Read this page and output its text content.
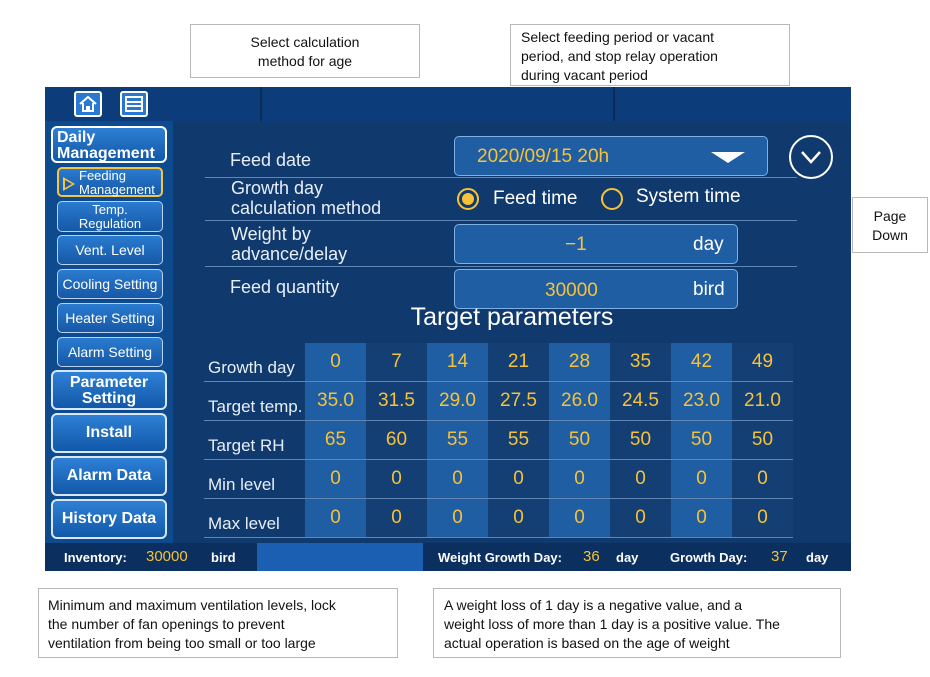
Select calculation
method for age
Select feeding period or vacant
period, and stop relay operation
during vacant period
Page
Down
Minimum and maximum ventilation levels, lock
the number of fan openings to prevent
ventilation from being too small or too large
A weight loss of 1 day is a negative value, and a
weight loss of more than 1 day is a positive value. The
actual operation is based on the age of weight
Daily
Management
Feeding
Management
Temp.
Regulation
Vent. Level
Cooling Setting
Heater Setting
Alarm Setting
Parameter
Setting
Install
Alarm Data
History Data
Feed date	2020/09/15 20h
Growth day
calculation method	Feed time	System time
Weight by
advance/delay	−1	day
Feed quantity	30000	bird
Target parameters
Growth day	0	7	14	21	28	35	42	49
Target temp.	35.0	31.5	29.0	27.5	26.0	24.5	23.0	21.0
Target RH	65	60	55	55	50	50	50	50
Min level	0	0	0	0	0	0	0	0
Max level	0	0	0	0	0	0	0	0
Inventory: 30000 bird	Weight Growth Day: 36 day Growth Day: 37 day
